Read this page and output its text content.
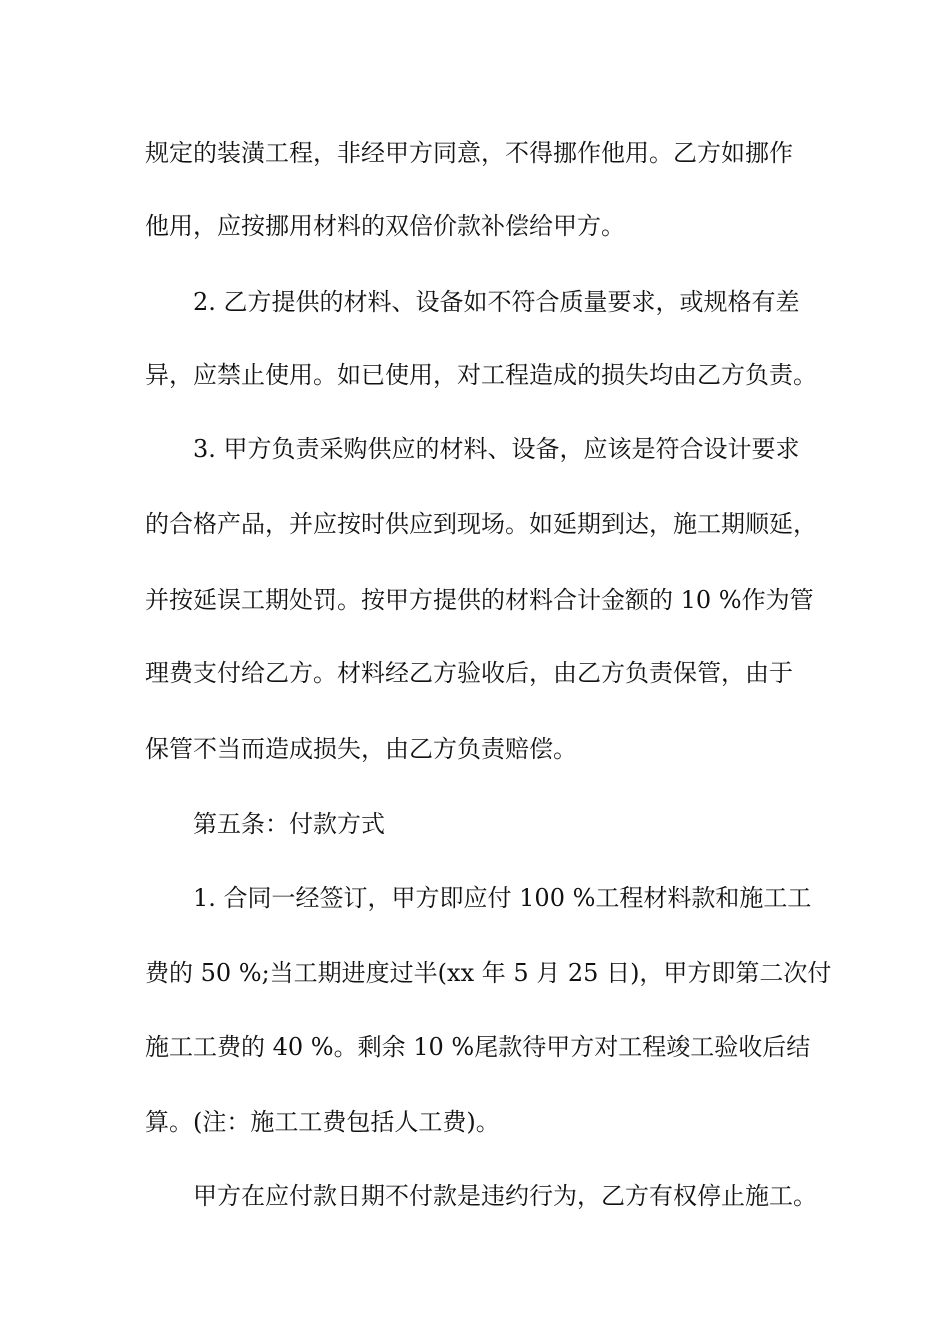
规定的装潢工程，非经甲方同意，不得挪作他用。乙方如挪作
他用，应按挪用材料的双倍价款补偿给甲方。
2. 乙方提供的材料、设备如不符合质量要求，或规格有差
异，应禁止使用。如已使用，对工程造成的损失均由乙方负责。
3. 甲方负责采购供应的材料、设备，应该是符合设计要求
的合格产品，并应按时供应到现场。如延期到达，施工期顺延，
并按延误工期处罚。按甲方提供的材料合计金额的 10 %作为管
理费支付给乙方。材料经乙方验收后，由乙方负责保管，由于
保管不当而造成损失，由乙方负责赔偿。
第五条：付款方式
1. 合同一经签订，甲方即应付 100 %工程材料款和施工工
费的 50 %;当工期进度过半(xx 年 5 月 25 日)，甲方即第二次付
施工工费的 40 %。剩余 10 %尾款待甲方对工程竣工验收后结
算。(注：施工工费包括人工费)。
甲方在应付款日期不付款是违约行为，乙方有权停止施工。
